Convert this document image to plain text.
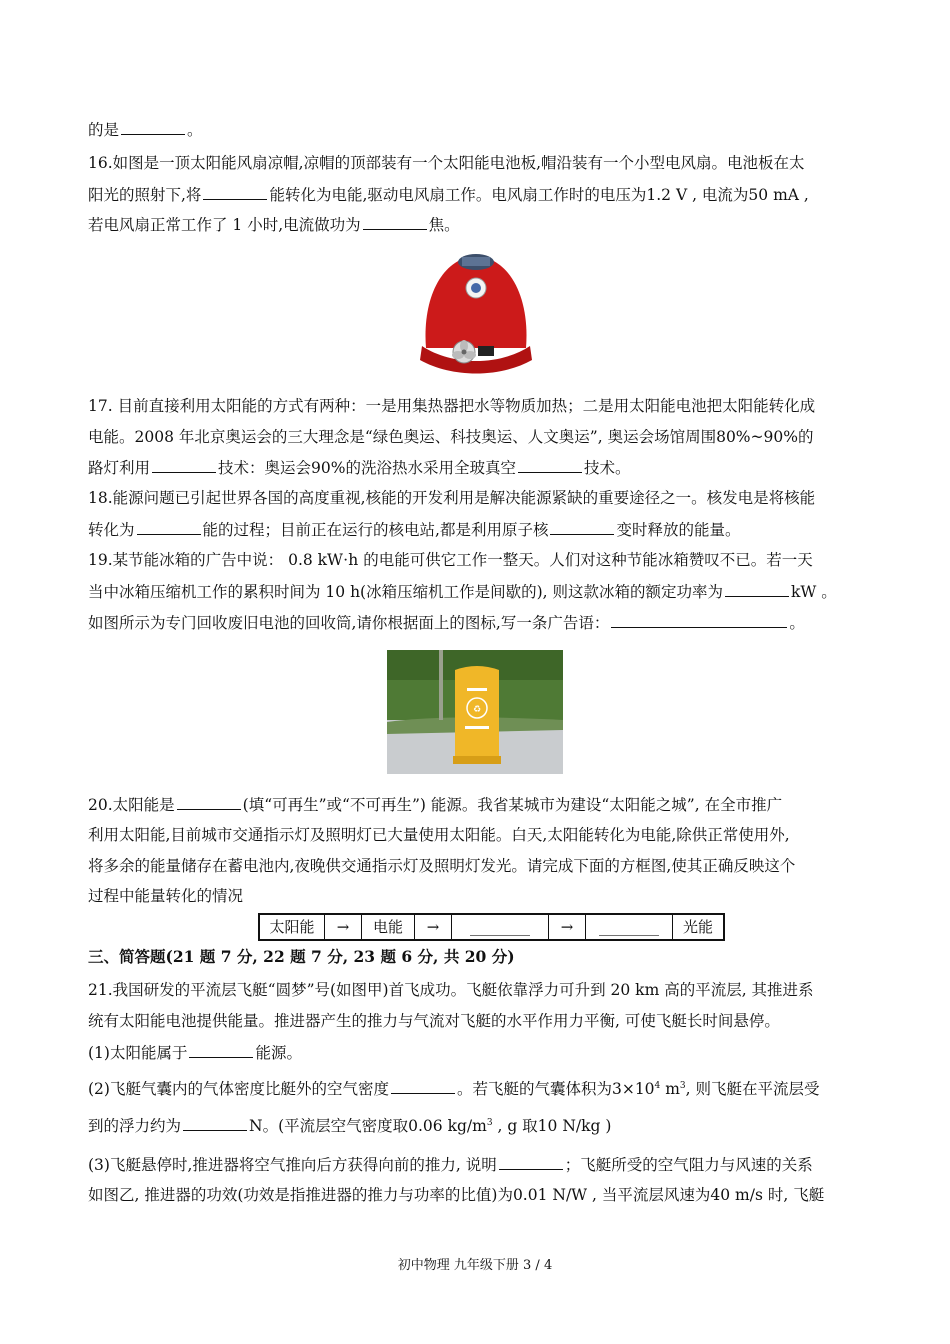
的是	。
16.如图是一顶太阳能风扇凉帽,凉帽的顶部装有一个太阳能电池板,帽沿装有一个小型电风扇。电池板在太
阳光的照射下,将	能转化为电能,驱动电风扇工作。电风扇工作时的电压为1.2 V , 电流为50 mA ,
若电风扇正常工作了 1 小时,电流做功为	焦。
17. 目前直接利用太阳能的方式有两种：一是用集热器把水等物质加热；二是用太阳能电池把太阳能转化成
电能。2008 年北京奥运会的三大理念是“绿色奥运、科技奥运、人文奥运”, 奥运会场馆周围80%~90%的
路灯利用	技术：奥运会90%的洗浴热水采用全玻真空	技术。
18.能源问题已引起世界各国的高度重视,核能的开发利用是解决能源紧缺的重要途径之一。核发电是将核能
转化为	能的过程；目前正在运行的核电站,都是利用原子核	变时释放的能量。
19.某节能冰箱的广告中说： 0.8 kW⋅h 的电能可供它工作一整天。人们对这种节能冰箱赞叹不已。若一天
当中冰箱压缩机工作的累积时间为 10 h(冰箱压缩机工作是间歇的), 则这款冰箱的额定功率为	kW 。
如图所示为专门回收废旧电池的回收筒,请你根据面上的图标,写一条广告语：	。
♻
20.太阳能是	(填“可再生”或“不可再生”) 能源。我省某城市为建设“太阳能之城”, 在全市推广
利用太阳能,目前城市交通指示灯及照明灯已大量使用太阳能。白天,太阳能转化为电能,除供正常使用外,
将多余的能量储存在蓄电池内,夜晚供交通指示灯及照明灯发光。请完成下面的方框图,使其正确反映这个
过程中能量转化的情况
太阳能	→	电能	→	________	→	________	光能
三、简答题(21 题 7 分, 22 题 7 分, 23 题 6 分, 共 20 分)
21.我国研发的平流层飞艇“圆梦”号(如图甲)首飞成功。飞艇依靠浮力可升到 20 km 高的平流层, 其推进系
统有太阳能电池提供能量。推进器产生的推力与气流对飞艇的水平作用力平衡, 可使飞艇长时间悬停。
(1)太阳能属于	能源。
(2)飞艇气囊内的气体密度比艇外的空气密度	。若飞艇的气囊体积为$3\times 10^4$ $m^3$, 则飞艇在平流层受
到的浮力约为	N。(平流层空气密度取0.06 $kg/m^3$ , g 取10 N/kg )
(3)飞艇悬停时,推进器将空气推向后方获得向前的推力, 说明	；飞艇所受的空气阻力与风速的关系
如图乙, 推进器的功效(功效是指推进器的推力与功率的比值)为0.01 N/W , 当平流层风速为40 m/s 时, 飞艇
初中物理 九年级下册 3 / 4
